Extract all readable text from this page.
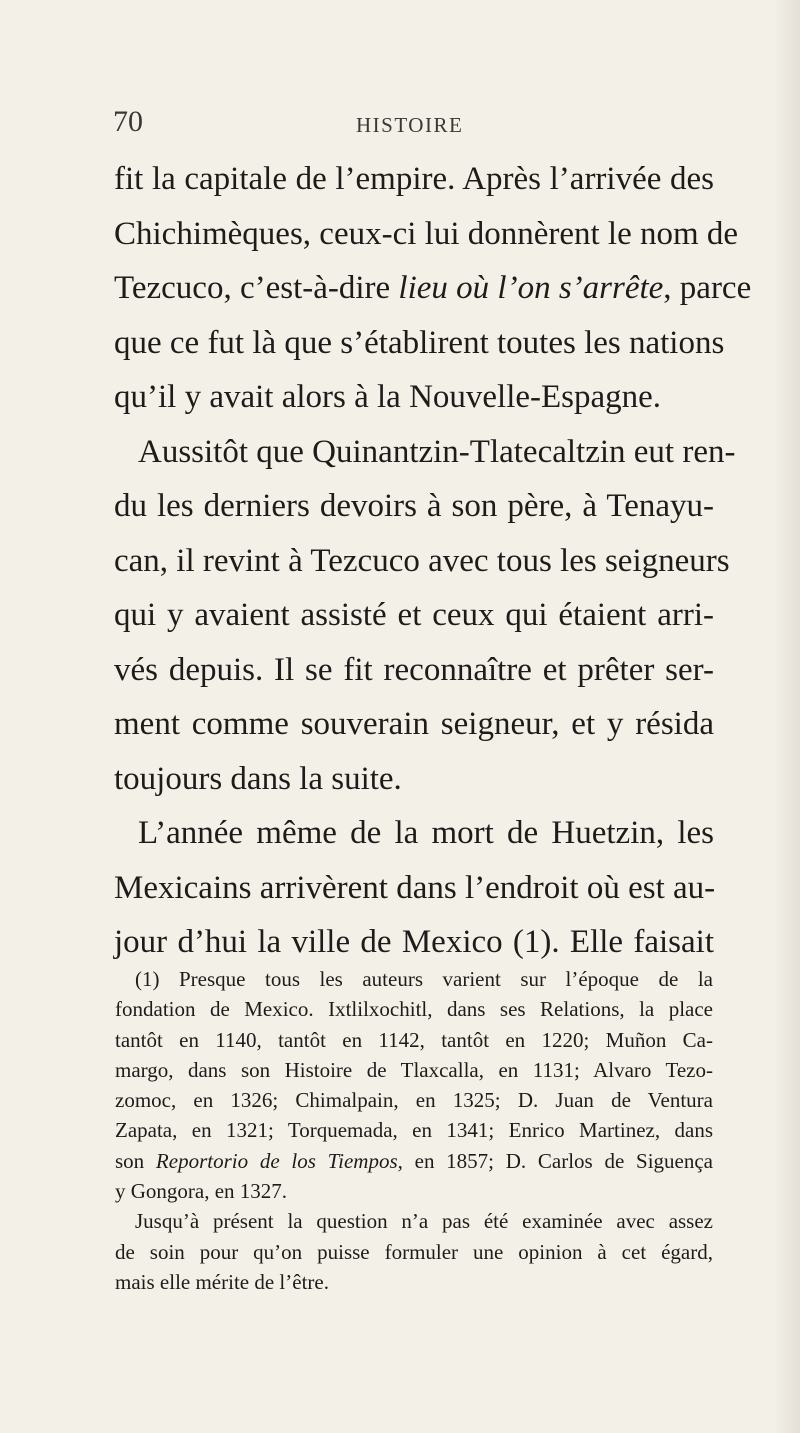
70	HISTOIRE
fit la capitale de l’empire. Après l’arrivée des
Chichimèques, ceux-ci lui donnèrent le nom de
Tezcuco, c’est-à-dire lieu où l’on s’arrête, parce
que ce fut là que s’établirent toutes les nations
qu’il y avait alors à la Nouvelle-Espagne.
Aussitôt que Quinantzin-Tlatecaltzin eut ren-
du les derniers devoirs à son père, à Tenayu-
can, il revint à Tezcuco avec tous les seigneurs
qui y avaient assisté et ceux qui étaient arri-
vés depuis. Il se fit reconnaître et prêter ser-
ment comme souverain seigneur, et y résida
toujours dans la suite.
L’année même de la mort de Huetzin, les
Mexicains arrivèrent dans l’endroit où est au-
jour d’hui la ville de Mexico (1). Elle faisait
(1) Presque tous les auteurs varient sur l’époque de la
fondation de Mexico. Ixtlilxochitl, dans ses Relations, la place
tantôt en 1140, tantôt en 1142, tantôt en 1220; Muñon Ca-
margo, dans son Histoire de Tlaxcalla, en 1131; Alvaro Tezo-
zomoc, en 1326; Chimalpain, en 1325; D. Juan de Ventura
Zapata, en 1321; Torquemada, en 1341; Enrico Martinez, dans
son Reportorio de los Tiempos, en 1857; D. Carlos de Siguença
y Gongora, en 1327.
Jusqu’à présent la question n’a pas été examinée avec assez
de soin pour qu’on puisse formuler une opinion à cet égard,
mais elle mérite de l’être.
